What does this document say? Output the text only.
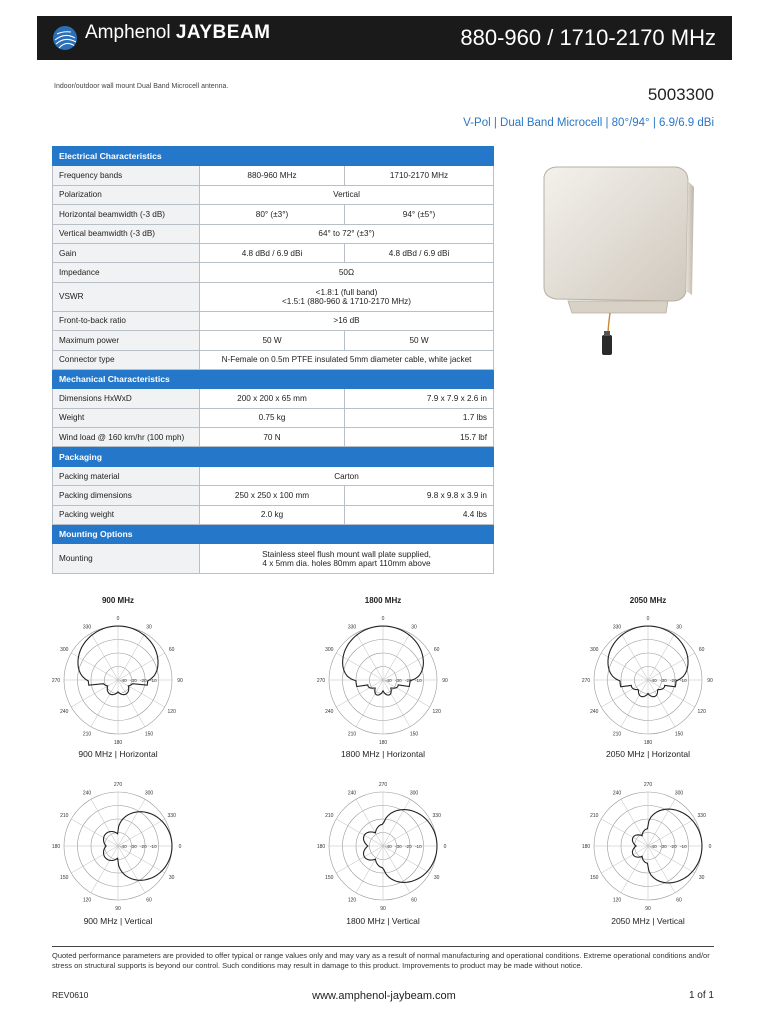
Amphenol JAYBEAM	880-960 / 1710-2170 MHz
Indoor/outdoor wall mount Dual Band Microcell antenna.	5003300
V-Pol | Dual Band Microcell | 80°/94° | 6.9/6.9 dBi
Electrical Characteristics		
Frequency bands	880-960 MHz	1710-2170 MHz
Polarization	Vertical	
Horizontal beamwidth (-3 dB)	80° (±3°)	94° (±5°)
Vertical beamwidth (-3 dB)	64° to 72° (±3°)	
Gain	4.8 dBd / 6.9 dBi	4.8 dBd / 6.9 dBi
Impedance	50Ω	
VSWR	<1.8:1 (full band)
<1.5:1 (880-960 & 1710-2170 MHz)	

Front-to-back ratio	>16 dB	
Maximum power	50 W	50 W
Connector type	N-Female on 0.5m PTFE insulated 5mm diameter cable, white jacket	
Mechanical Characteristics		
Dimensions HxWxD	200 x 200 x 65 mm	7.9 x 7.9 x 2.6 in
Weight	0.75 kg	1.7 lbs
Wind load @ 160 km/hr (100 mph)	70 N	15.7 lbf
Packaging		
Packing material	Carton	
Packing dimensions	250 x 250 x 100 mm	9.8 x 9.8 x 3.9 in
Packing weight	2.0 kg	4.4 lbs
Mounting Options		
Mounting	Stainless steel flush mount wall plate supplied,
4 x 5mm dia. holes 80mm apart 110mm above	
900 MHz	1800 MHz	2050 MHz
0
30
60
90
120
150
180
210
240
270
300
330
-40 -30 -20 -10
0
30
60
90
120
150
180
210
240
270
300
330
-40 -30 -20 -10
0
30
60
90
120
150
180
210
240
270
300
330
-40 -30 -20 -10
900 MHz | Horizontal	1800 MHz | Horizontal	2050 MHz | Horizontal
270
300
330
0
30
60
90
120
150
180
210
240
-40 -30 -20 -10
270
300
330
0
30
60
90
120
150
180
210
240
-40 -30 -20 -10
270
300
330
0
30
60
90
120
150
180
210
240
-40 -30 -20 -10
900 MHz | Vertical	1800 MHz | Vertical	2050 MHz | Vertical
Quoted performance parameters are provided to offer typical or range values only and may vary as a result of normal manufacturing and operational conditions. Extreme operational conditions and/or stress on structural supports is beyond our control. Such conditions may result in damage to this product. Improvements to product may be made without notice.
REV0610	www.amphenol-jaybeam.com	1 of 1
